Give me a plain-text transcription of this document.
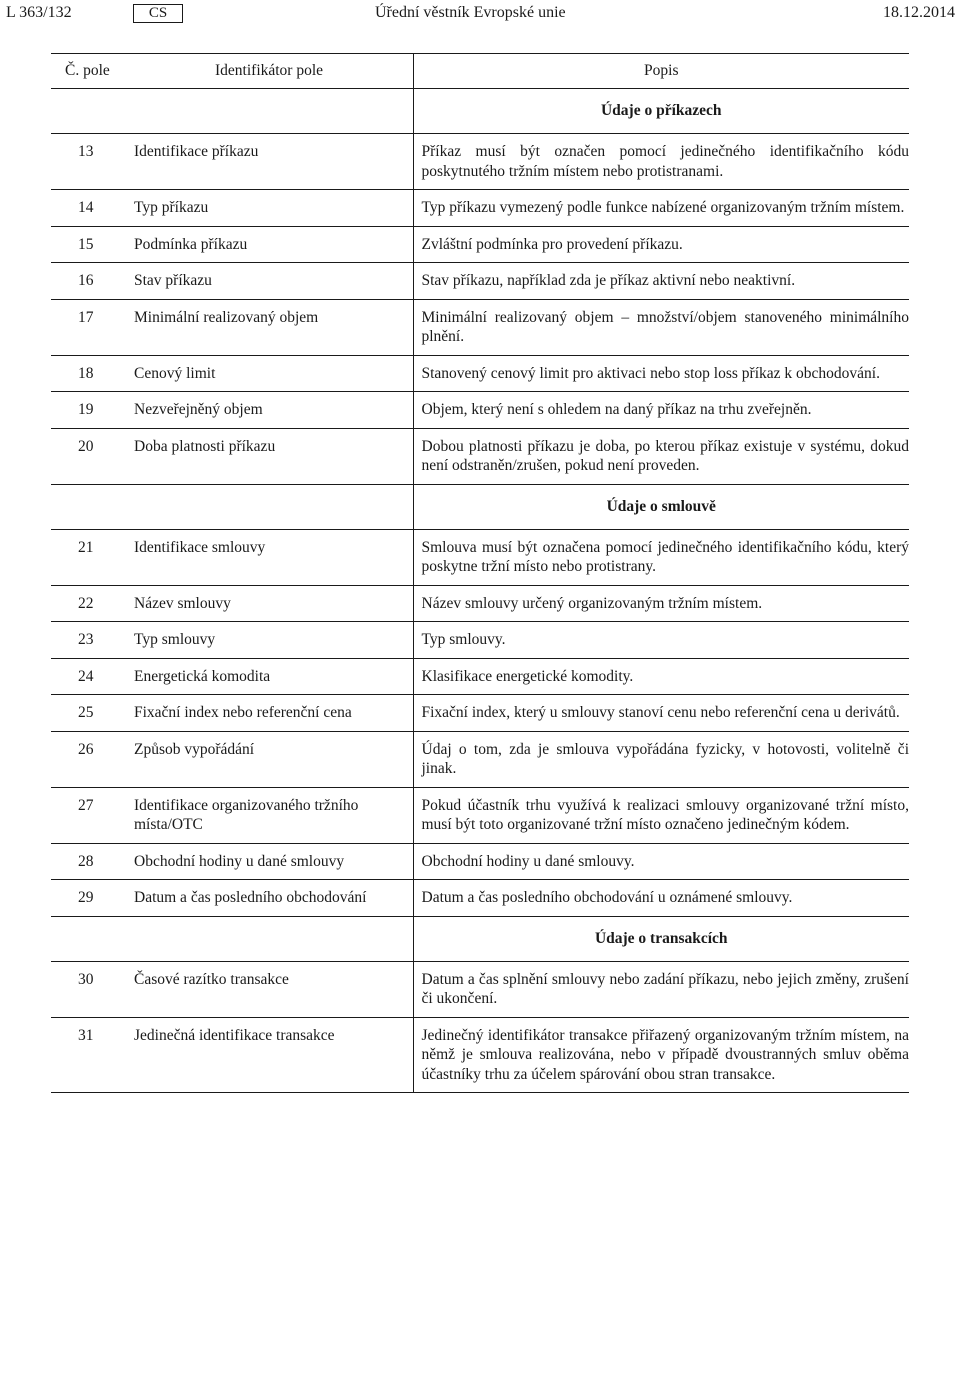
L 363/132	CS	Úřední věstník Evropské unie	18.12.2014
Č. pole	Identifikátor pole	Popis
		Údaje o příkazech
13	Identifikace příkazu	Příkaz musí být označen pomocí jedinečného identifikačního kódu poskytnutého tržním místem nebo protistranami.
14	Typ příkazu	Typ příkazu vymezený podle funkce nabízené organizovaným tržním místem.
15	Podmínka příkazu	Zvláštní podmínka pro provedení příkazu.
16	Stav příkazu	Stav příkazu, například zda je příkaz aktivní nebo neaktivní.
17	Minimální realizovaný objem	Minimální realizovaný objem – množství/objem stanoveného minimálního plnění.
18	Cenový limit	Stanovený cenový limit pro aktivaci nebo stop loss příkaz k obchodování.
19	Nezveřejněný objem	Objem, který není s ohledem na daný příkaz na trhu zveřejněn.
20	Doba platnosti příkazu	Dobou platnosti příkazu je doba, po kterou příkaz existuje v systému, dokud není odstraněn/zrušen, pokud není proveden.
		Údaje o smlouvě
21	Identifikace smlouvy	Smlouva musí být označena pomocí jedinečného identifikačního kódu, který poskytne tržní místo nebo protistrany.
22	Název smlouvy	Název smlouvy určený organizovaným tržním místem.
23	Typ smlouvy	Typ smlouvy.
24	Energetická komodita	Klasifikace energetické komodity.
25	Fixační index nebo referenční cena	Fixační index, který u smlouvy stanoví cenu nebo referenční cena u derivátů.
26	Způsob vypořádání	Údaj o tom, zda je smlouva vypořádána fyzicky, v hotovosti, volitelně či jinak.
27	Identifikace organizovaného tržního místa/OTC	Pokud účastník trhu využívá k realizaci smlouvy organizované tržní místo, musí být toto organizované tržní místo označeno jedinečným kódem.
28	Obchodní hodiny u dané smlouvy	Obchodní hodiny u dané smlouvy.
29	Datum a čas posledního obchodování	Datum a čas posledního obchodování u oznámené smlouvy.
		Údaje o transakcích
30	Časové razítko transakce	Datum a čas splnění smlouvy nebo zadání příkazu, nebo jejich změny, zrušení či ukončení.
31	Jedinečná identifikace transakce	Jedinečný identifikátor transakce přiřazený organizovaným tržním místem, na němž je smlouva realizována, nebo v případě dvoustranných smluv oběma účastníky trhu za účelem spárování obou stran transakce.
